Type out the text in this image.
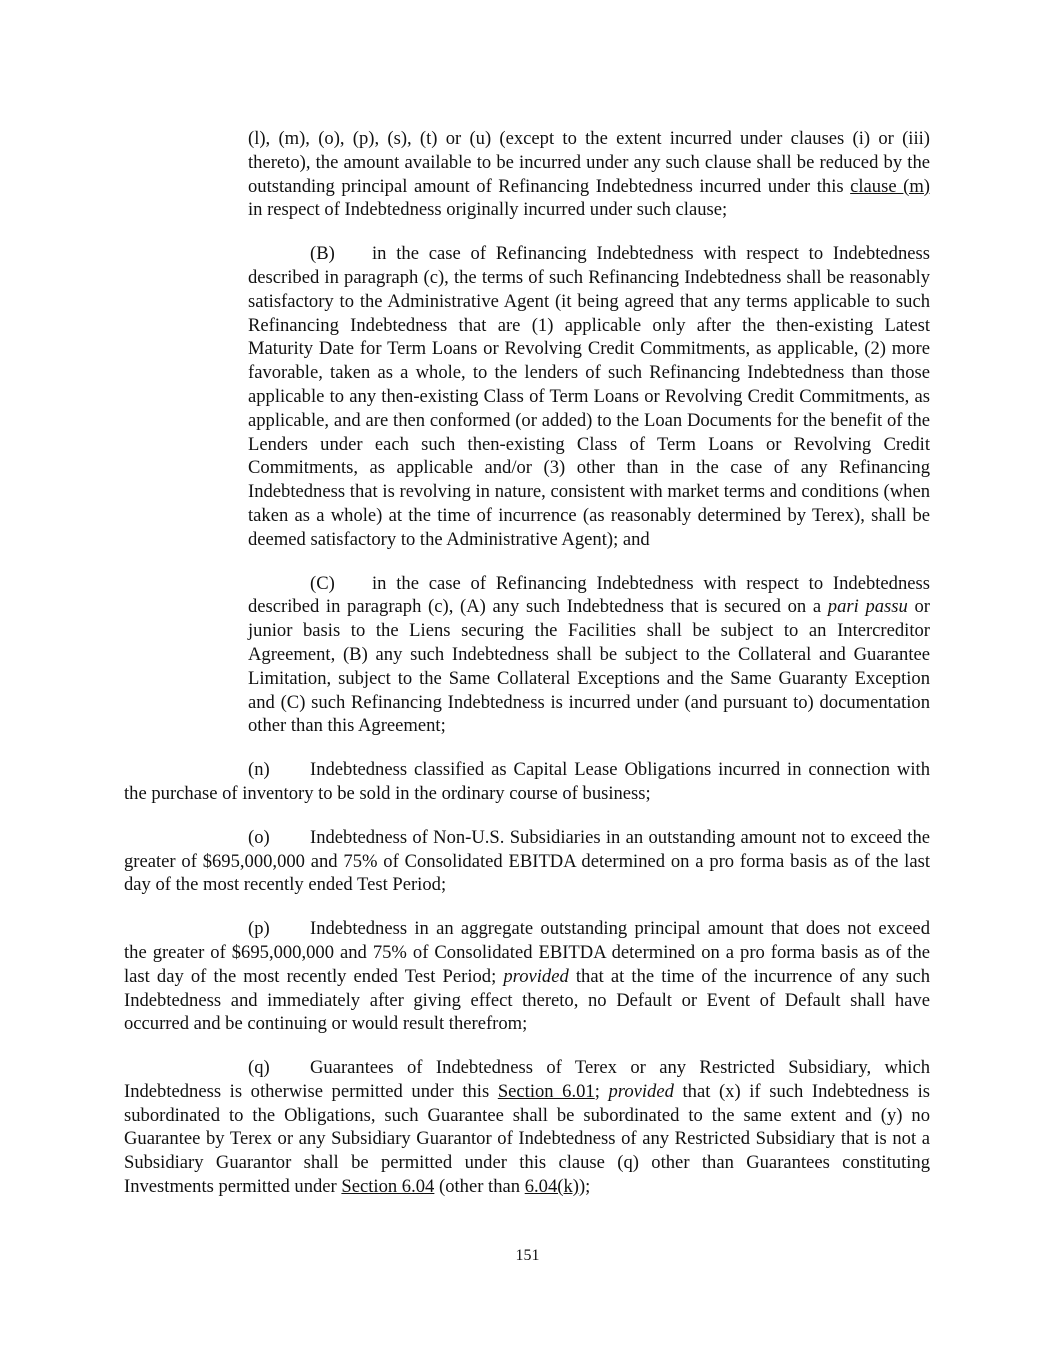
(l), (m), (o), (p), (s), (t) or (u) (except to the extent incurred under clauses (i) or (iii) thereto), the amount available to be incurred under any such clause shall be reduced by the outstanding principal amount of Refinancing Indebtedness incurred under this clause (m) in respect of Indebtedness originally incurred under such clause;

(B) in the case of Refinancing Indebtedness with respect to Indebtedness described in paragraph (c), the terms of such Refinancing Indebtedness shall be reasonably satisfactory to the Administrative Agent (it being agreed that any terms applicable to such Refinancing Indebtedness that are (1) applicable only after the then-existing Latest Maturity Date for Term Loans or Revolving Credit Commitments, as applicable, (2) more favorable, taken as a whole, to the lenders of such Refinancing Indebtedness than those applicable to any then-existing Class of Term Loans or Revolving Credit Commitments, as applicable, and are then conformed (or added) to the Loan Documents for the benefit of the Lenders under each such then-existing Class of Term Loans or Revolving Credit Commitments, as applicable and/or (3) other than in the case of any Refinancing Indebtedness that is revolving in nature, consistent with market terms and conditions (when taken as a whole) at the time of incurrence (as reasonably determined by Terex), shall be deemed satisfactory to the Administrative Agent); and

(C) in the case of Refinancing Indebtedness with respect to Indebtedness described in paragraph (c), (A) any such Indebtedness that is secured on a pari passu or junior basis to the Liens securing the Facilities shall be subject to an Intercreditor Agreement, (B) any such Indebtedness shall be subject to the Collateral and Guarantee Limitation, subject to the Same Collateral Exceptions and the Same Guaranty Exception and (C) such Refinancing Indebtedness is incurred under (and pursuant to) documentation other than this Agreement;

(n) Indebtedness classified as Capital Lease Obligations incurred in connection with the purchase of inventory to be sold in the ordinary course of business;

(o) Indebtedness of Non-U.S. Subsidiaries in an outstanding amount not to exceed the greater of $695,000,000 and 75% of Consolidated EBITDA determined on a pro forma basis as of the last day of the most recently ended Test Period;

(p) Indebtedness in an aggregate outstanding principal amount that does not exceed the greater of $695,000,000 and 75% of Consolidated EBITDA determined on a pro forma basis as of the last day of the most recently ended Test Period; provided that at the time of the incurrence of any such Indebtedness and immediately after giving effect thereto, no Default or Event of Default shall have occurred and be continuing or would result therefrom;

(q) Guarantees of Indebtedness of Terex or any Restricted Subsidiary, which Indebtedness is otherwise permitted under this Section 6.01; provided that (x) if such Indebtedness is subordinated to the Obligations, such Guarantee shall be subordinated to the same extent and (y) no Guarantee by Terex or any Subsidiary Guarantor of Indebtedness of any Restricted Subsidiary that is not a Subsidiary Guarantor shall be permitted under this clause (q) other than Guarantees constituting Investments permitted under Section 6.04 (other than 6.04(k));

151
